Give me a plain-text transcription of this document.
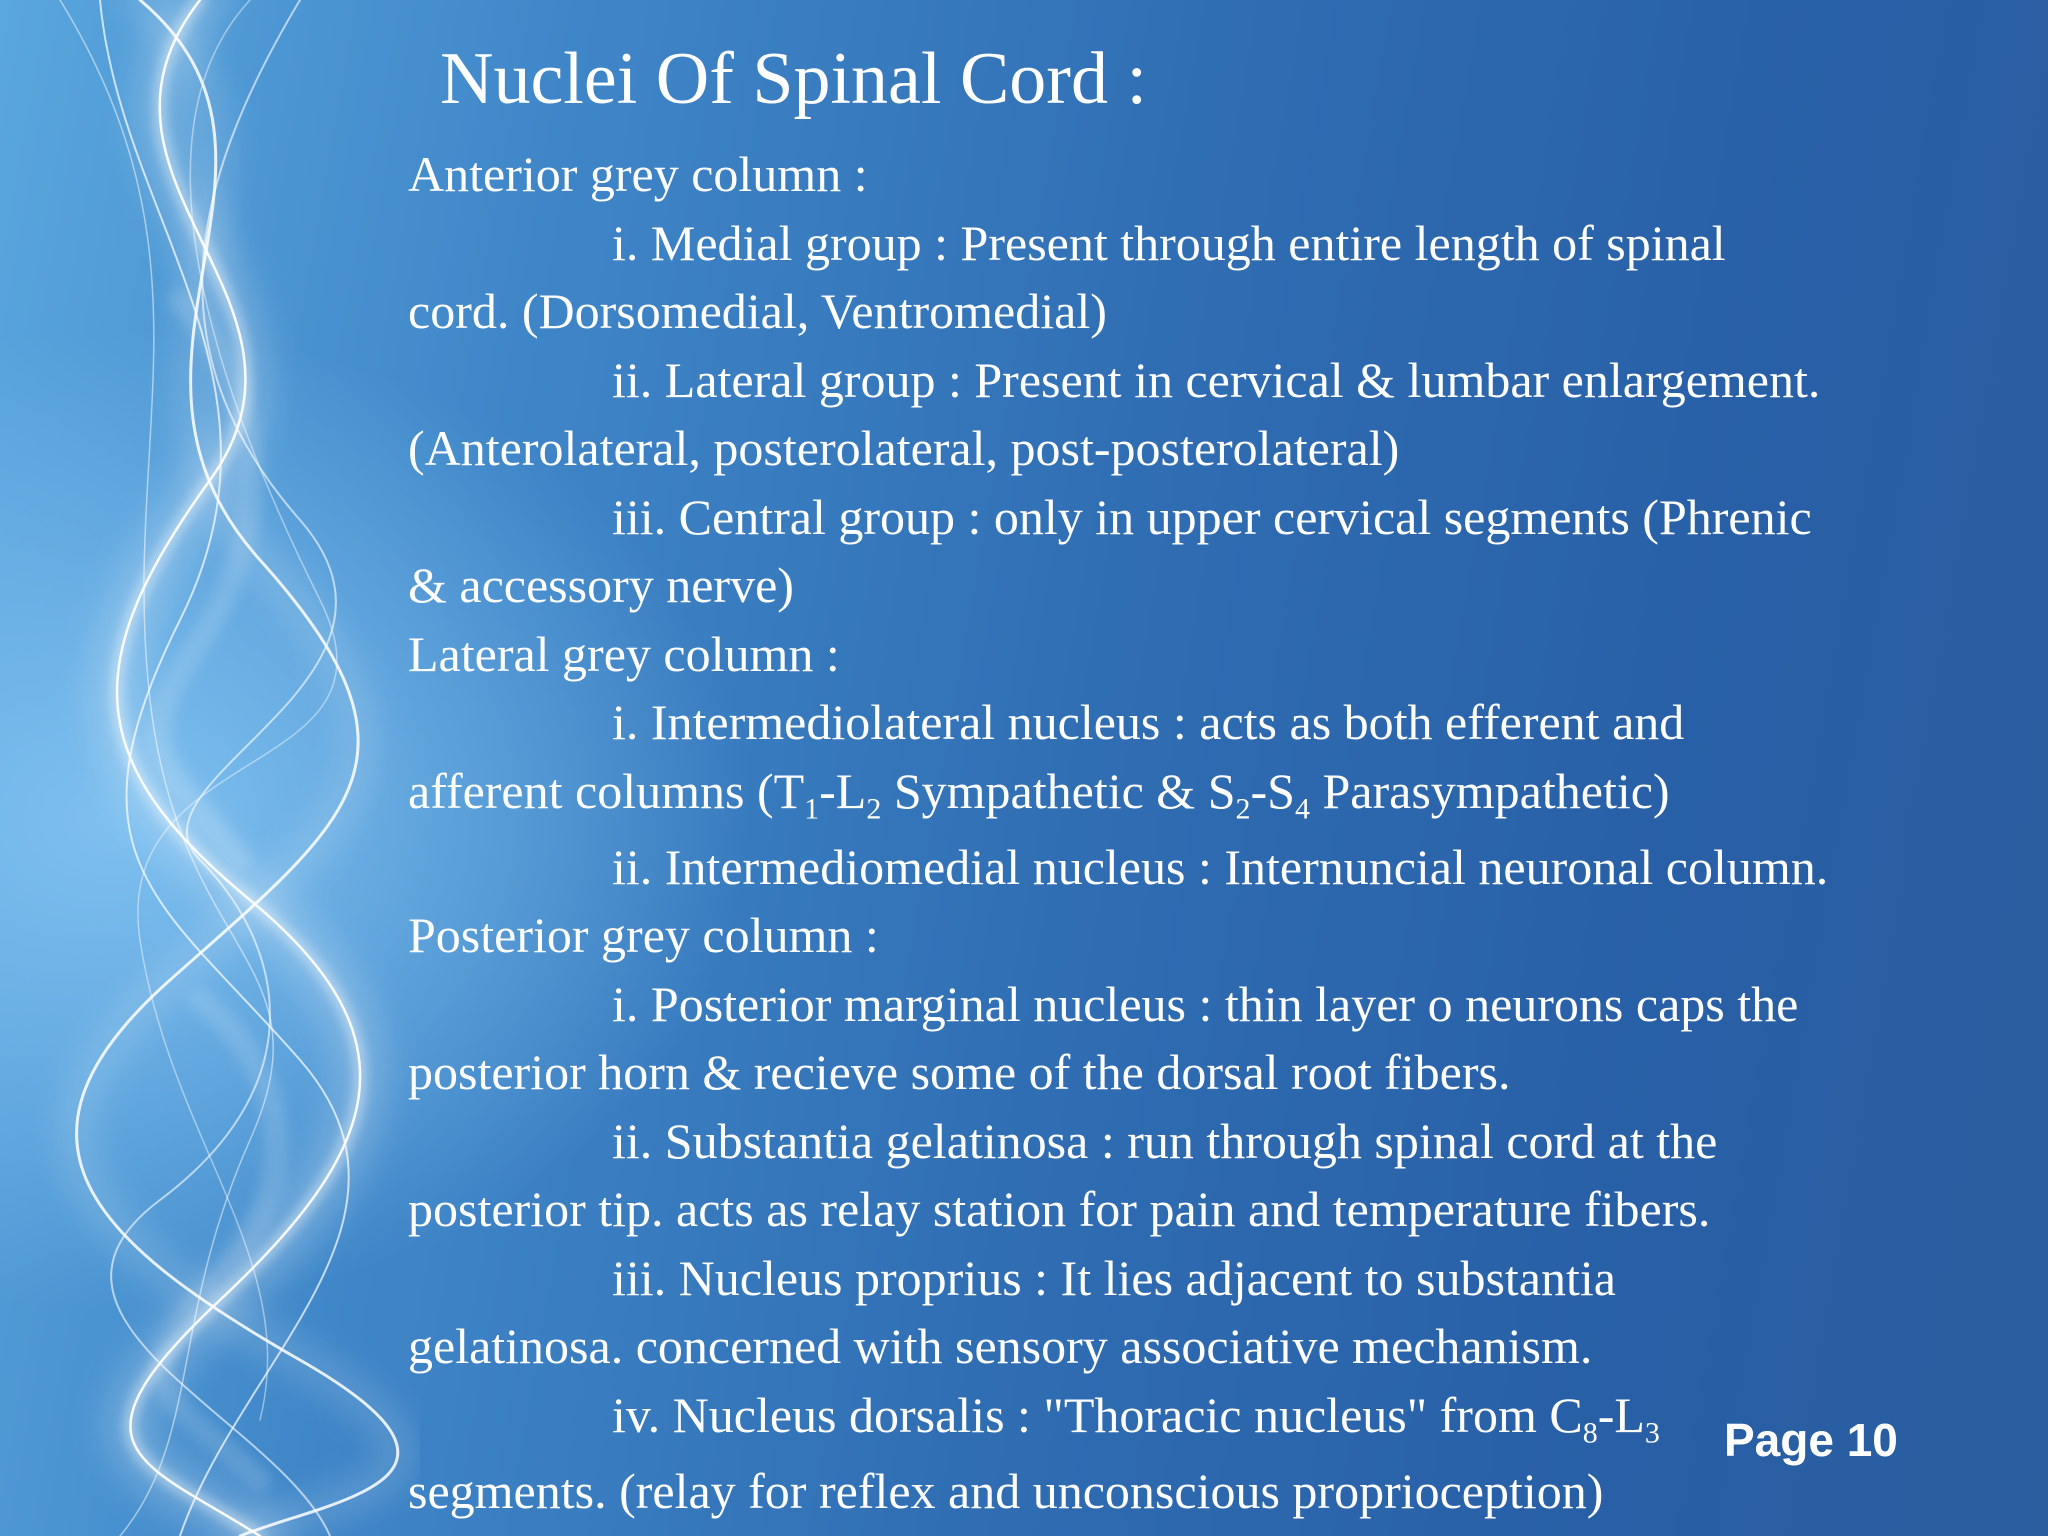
Nuclei Of Spinal Cord :
Anterior grey column :
i. Medial group : Present through entire length of spinal
cord. (Dorsomedial, Ventromedial)
ii. Lateral group : Present in cervical & lumbar enlargement.
(Anterolateral, posterolateral, post-posterolateral)
iii. Central group : only in upper cervical segments (Phrenic
& accessory nerve)
Lateral grey column :
i. Intermediolateral nucleus : acts as both efferent and
afferent columns ($T_1-L_2$ Sympathetic & $S_2-S_4$ Parasympathetic)
ii. Intermediomedial nucleus : Internuncial neuronal column.
Posterior grey column :
i. Posterior marginal nucleus : thin layer o neurons caps the
posterior horn & recieve some of the dorsal root fibers.
ii. Substantia gelatinosa : run through spinal cord at the
posterior tip. acts as relay station for pain and temperature fibers.
iii. Nucleus proprius : It lies adjacent to substantia
gelatinosa. concerned with sensory associative mechanism.
iv. Nucleus dorsalis : "Thoracic nucleus" from $C_8-L_3$
segments. (relay for reflex and unconscious proprioception)
Page 10
